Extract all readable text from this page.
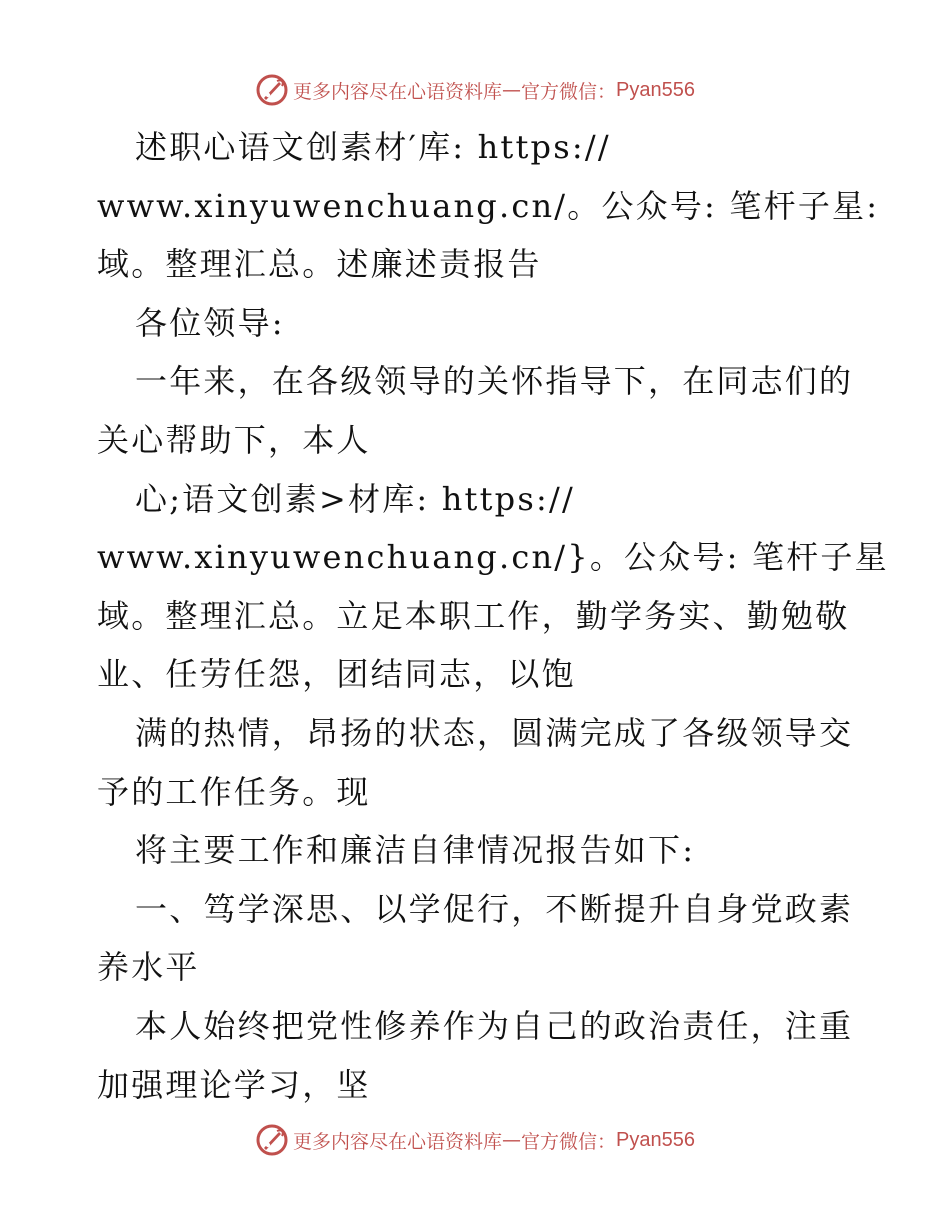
更多内容尽在心语资料库 — 官方微信： Pyan556
述职心语文创素材′库: https://
www.xinyuwenchuang.cn/。公众号: 笔杆子星:
域。整理汇总。述廉述责报告
各位领导:
一年来，在各级领导的关怀指导下，在同志们的
关心帮助下，本人
心;语文创素>材库: https://
www.xinyuwenchuang.cn/}。公众号: 笔杆子星
域。整理汇总。立足本职工作，勤学务实、勤勉敬
业、任劳任怨，团结同志，以饱
满的热情，昂扬的状态，圆满完成了各级领导交
予的工作任务。现
将主要工作和廉洁自律情况报告如下:
一、笃学深思、以学促行，不断提升自身党政素
养水平
本人始终把党性修养作为自己的政治责任，注重
加强理论学习，坚
更多内容尽在心语资料库 — 官方微信： Pyan556
